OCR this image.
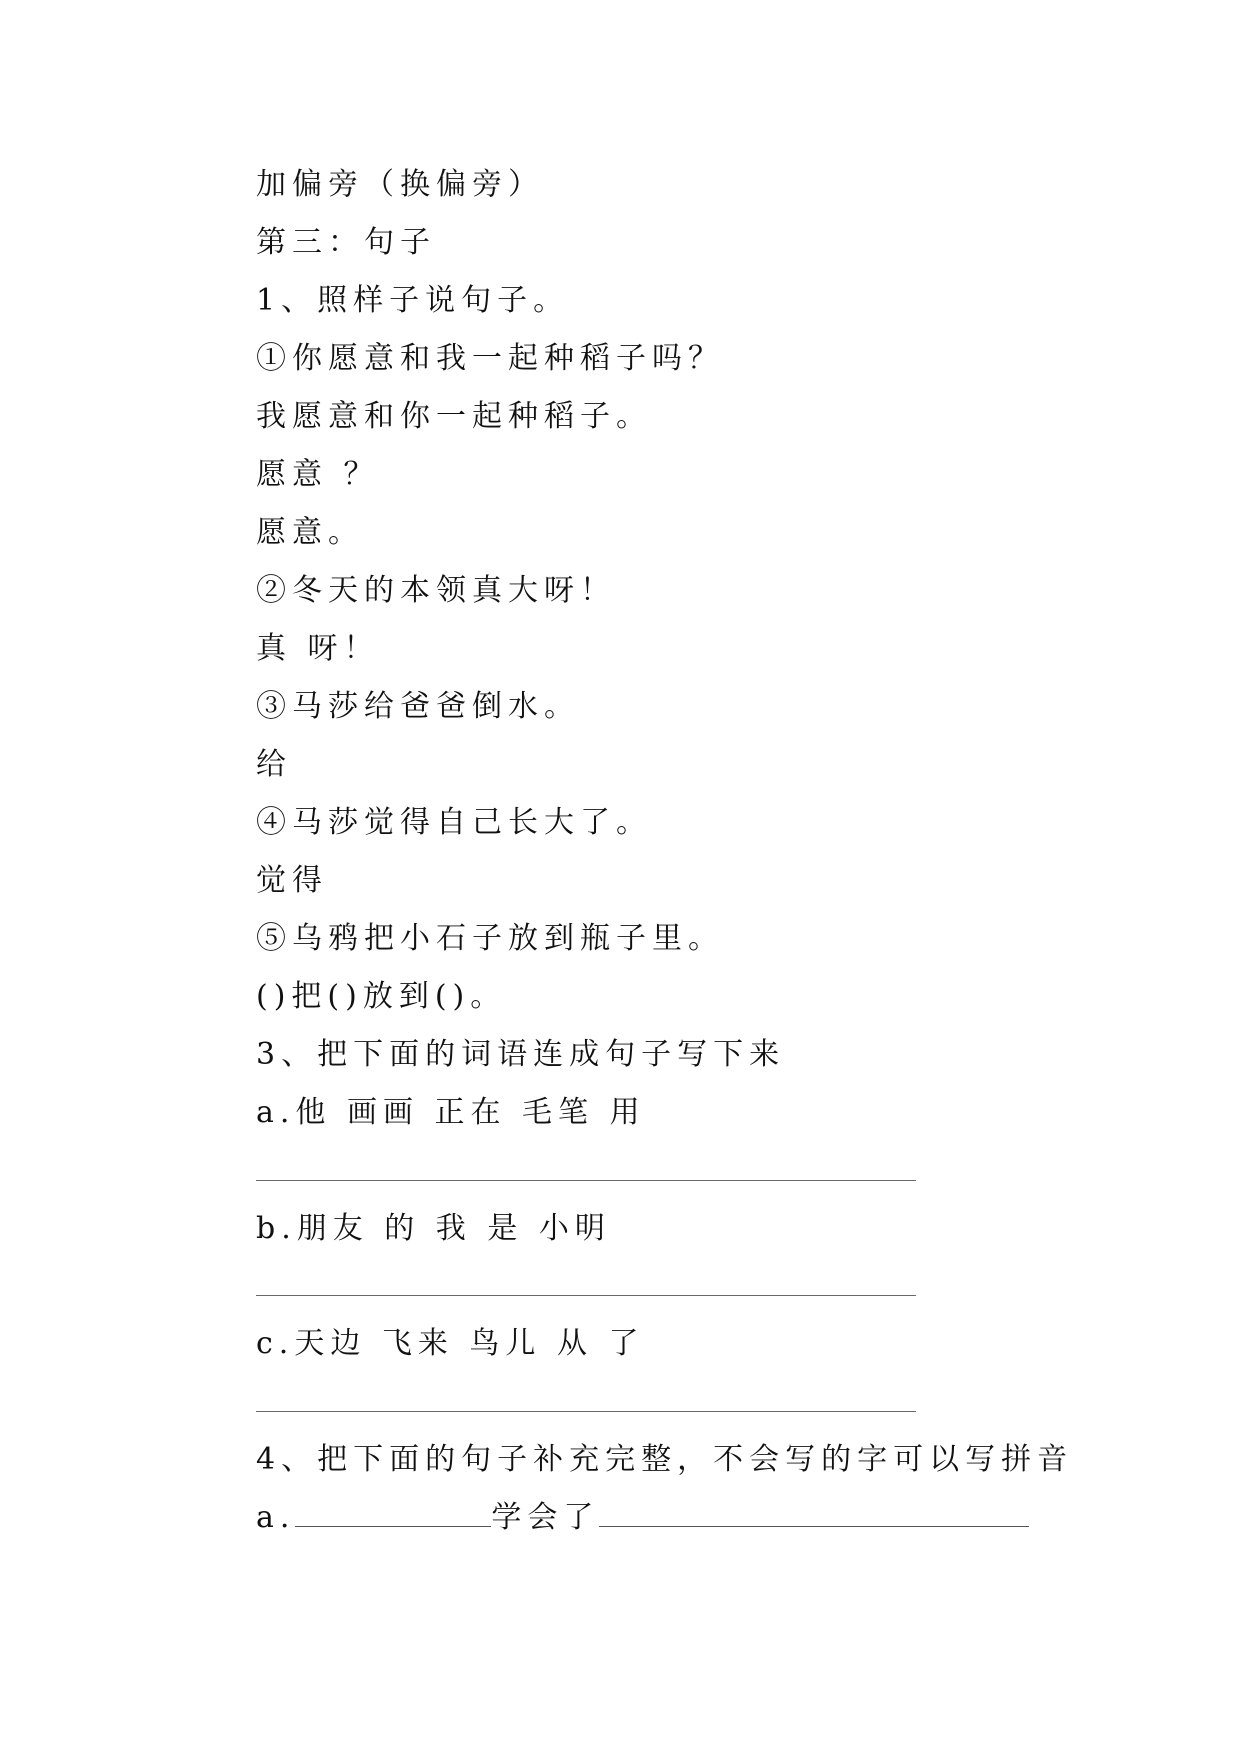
加偏旁（换偏旁）
第三：句子
1、照样子说句子。
①你愿意和我一起种稻子吗？
我愿意和你一起种稻子。
愿意 ？
愿意。
②冬天的本领真大呀！
真 呀！
③马莎给爸爸倒水。
给
④马莎觉得自己长大了。
觉得
⑤乌鸦把小石子放到瓶子里。
()把()放到()。
3、把下面的词语连成句子写下来
a.他 画画 正在 毛笔 用
b.朋友 的 我 是 小明
c.天边 飞来 鸟儿 从 了
4、把下面的句子补充完整，不会写的字可以写拼音
a.	学会了
